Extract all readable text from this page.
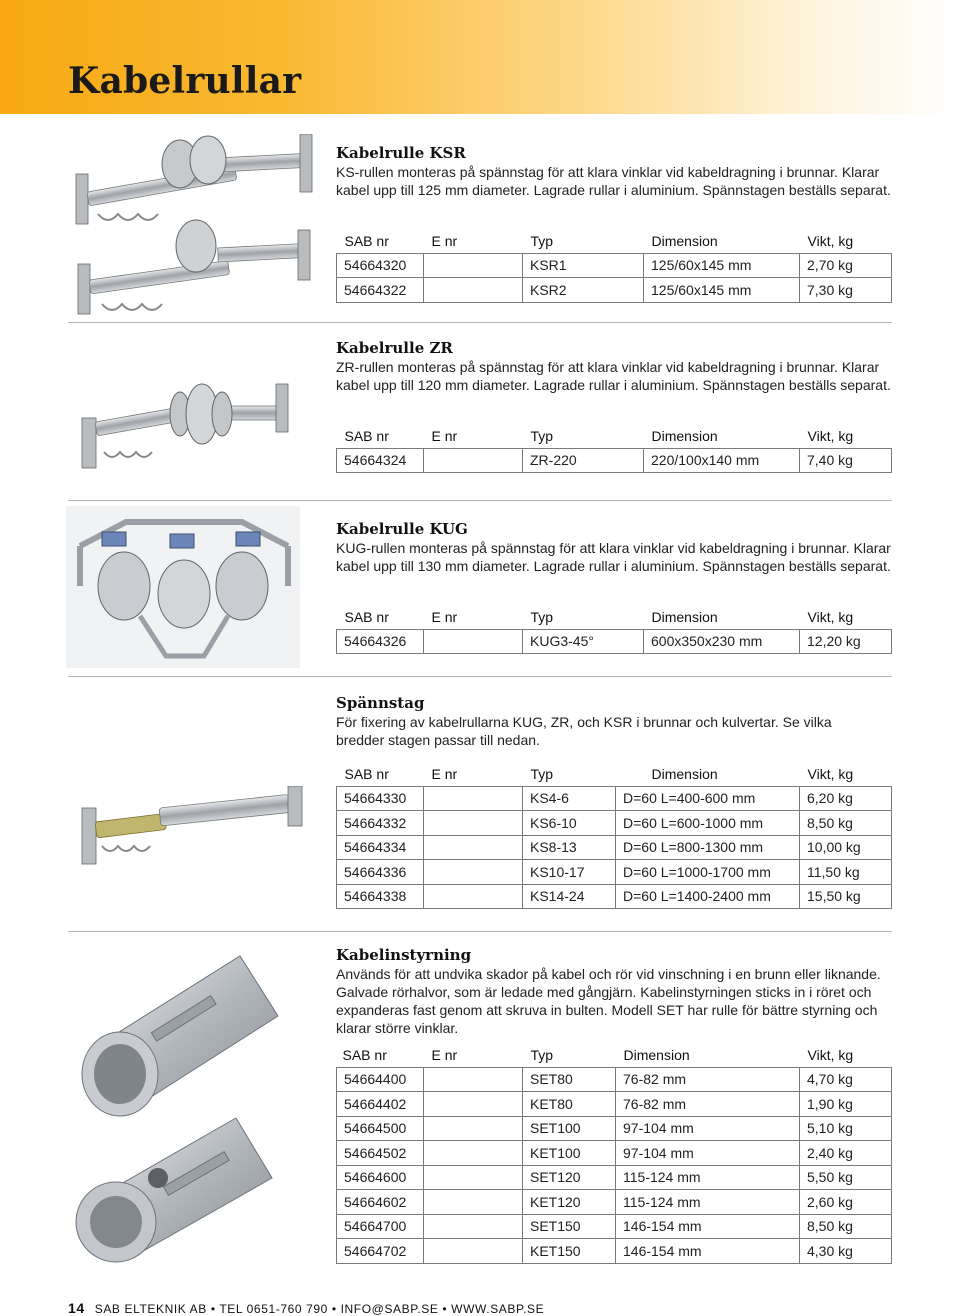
Kabelrullar
Kabelrulle KSR
KS-rullen monteras på spännstag för att klara vinklar vid kabeldragning i brunnar. Klarar kabel upp till 125 mm diameter. Lagrade rullar i aluminium. Spännstagen beställs separat.
SAB nr	E nr	Typ	Dimension	Vikt, kg
54664320		KSR1	125/60x145 mm	2,70 kg
54664322		KSR2	125/60x145 mm	7,30 kg
Kabelrulle ZR
ZR-rullen monteras på spännstag för att klara vinklar vid kabeldragning i brunnar. Klarar kabel upp till 120 mm diameter. Lagrade rullar i aluminium. Spännstagen beställs separat.
SAB nr	E nr	Typ	Dimension	Vikt, kg
54664324		ZR-220	220/100x140 mm	7,40 kg
Kabelrulle KUG
KUG-rullen monteras på spännstag för att klara vinklar vid kabeldragning i brunnar. Klarar kabel upp till 130 mm diameter. Lagrade rullar i aluminium. Spännstagen beställs separat.
SAB nr	E nr	Typ	Dimension	Vikt, kg
54664326		KUG3-45°	600x350x230 mm	12,20 kg
Spännstag
För fixering av kabelrullarna KUG, ZR, och KSR i brunnar och kulvertar. Se vilka bredder stagen passar till nedan.
SAB nr	E nr	Typ	Dimension	Vikt, kg
54664330		KS4-6	D=60 L=400-600 mm	6,20 kg
54664332		KS6-10	D=60 L=600-1000 mm	8,50 kg
54664334		KS8-13	D=60 L=800-1300 mm	10,00 kg
54664336		KS10-17	D=60 L=1000-1700 mm	11,50 kg
54664338		KS14-24	D=60 L=1400-2400 mm	15,50 kg
Kabelinstyrning
Används för att undvika skador på kabel och rör vid vinschning i en brunn eller liknande. Galvade rörhalvor, som är ledade med gångjärn. Kabelinstyrningen sticks in i röret och expanderas fast genom att skruva in bulten. Modell SET har rulle för bättre styrning och klarar större vinklar.
SAB nr	E nr	Typ	Dimension	Vikt, kg
54664400		SET80	76-82 mm	4,70 kg
54664402		KET80	76-82 mm	1,90 kg
54664500		SET100	97-104 mm	5,10 kg
54664502		KET100	97-104 mm	2,40 kg
54664600		SET120	115-124 mm	5,50 kg
54664602		KET120	115-124 mm	2,60 kg
54664700		SET150	146-154 mm	8,50 kg
54664702		KET150	146-154 mm	4,30 kg
14 SAB ELTEKNIK AB • TEL 0651-760 790 • INFO@SABP.SE • WWW.SABP.SE
